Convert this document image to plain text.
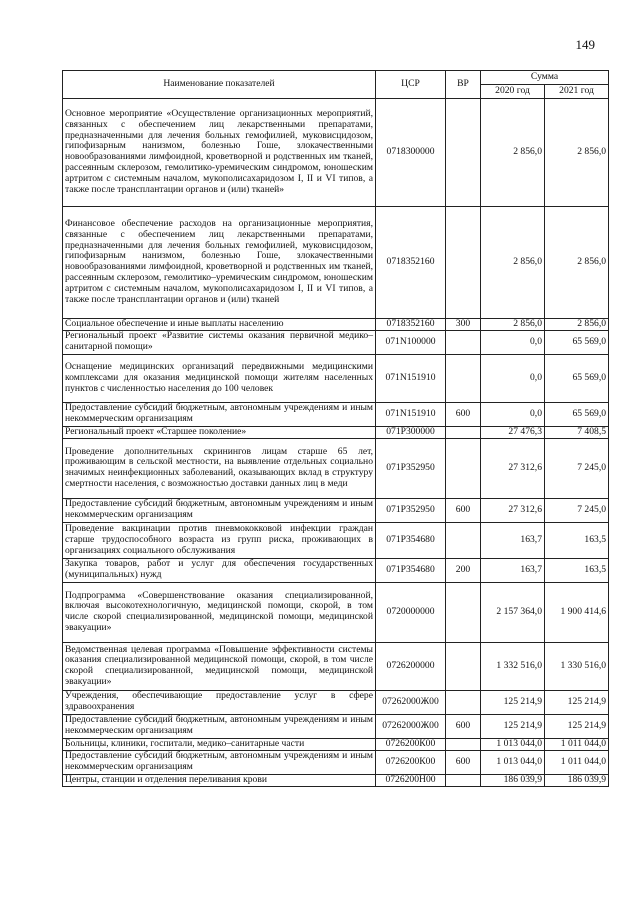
149
Наименование показателей	ЦСР	ВР	Сумма	
			2020 год	2021 год
Основное мероприятие «Осуществление организационных мероприятий, связанных с обеспечением лиц лекарственными препаратами, предназначенными для лечения больных гемофилией, муковисцидозом, гипофизарным нанизмом, болезнью Гоше, злокачественными новообразованиями лимфоидной, кроветворной и родственных им тканей, рассеянным склерозом, гемолитико-уремическим синдромом, юношеским артритом с системным началом, мукополисахаридозом I, II и VI типов, а также после трансплантации органов и (или) тканей»	0718300000		2 856,0	2 856,0
Финансовое обеспечение расходов на организационные мероприятия, связанные с обеспечением лиц лекарственными препаратами, предназначенными для лечения больных гемофилией, муковисцидозом, гипофизарным нанизмом, болезнью Гоше, злокачественными новообразованиями лимфоидной, кроветворной и родственных им тканей, рассеянным склерозом, гемолитико–уремическим синдромом, юношеским артритом с системным началом, мукополисахаридозом I, II и VI типов, а также после трансплантации органов и (или) тканей	0718352160		2 856,0	2 856,0
Социальное обеспечение и иные выплаты населению	0718352160	300	2 856,0	2 856,0
Региональный проект «Развитие системы оказания первичной медико–санитарной помощи»	071N100000		0,0	65 569,0
Оснащение медицинских организаций передвижными медицинскими комплексами для оказания медицинской помощи жителям населенных пунктов с численностью населения до 100 человек	071N151910		0,0	65 569,0
Предоставление субсидий бюджетным, автономным учреждениям и иным некоммерческим организациям	071N151910	600	0,0	65 569,0
Региональный проект «Старшее поколение»	071P300000		27 476,3	7 408,5
Проведение дополнительных скринингов лицам старше 65 лет, проживающим в сельской местности, на выявление отдельных социально значимых неинфекционных заболеваний, оказывающих вклад в структуру смертности населения, с возможностью доставки данных лиц в меди	071P352950		27 312,6	7 245,0
Предоставление субсидий бюджетным, автономным учреждениям и иным некоммерческим организациям	071P352950	600	27 312,6	7 245,0
Проведение вакцинации против пневмококковой инфекции граждан старше трудоспособного возраста из групп риска, проживающих в организациях социального обслуживания	071P354680		163,7	163,5
Закупка товаров, работ и услуг для обеспечения государственных (муниципальных) нужд	071P354680	200	163,7	163,5
Подпрограмма «Совершенствование оказания специализированной, включая высокотехнологичную, медицинской помощи, скорой, в том числе скорой специализированной, медицинской помощи, медицинской эвакуации»	0720000000		2 157 364,0	1 900 414,6
Ведомственная целевая программа «Повышение эффективности системы оказания специализированной медицинской помощи, скорой, в том числе скорой специализированной, медицинской помощи, медицинской эвакуации»	0726200000		1 332 516,0	1 330 516,0
Учреждения, обеспечивающие предоставление услуг в сфере здравоохранения	07262000Ж00		125 214,9	125 214,9
Предоставление субсидий бюджетным, автономным учреждениям и иным некоммерческим организациям	07262000Ж00	600	125 214,9	125 214,9
Больницы, клиники, госпитали, медико–санитарные части	0726200К00		1 013 044,0	1 011 044,0
Предоставление субсидий бюджетным, автономным учреждениям и иным некоммерческим организациям	0726200К00	600	1 013 044,0	1 011 044,0
Центры, станции и отделения переливания крови	0726200Н00		186 039,9	186 039,9
